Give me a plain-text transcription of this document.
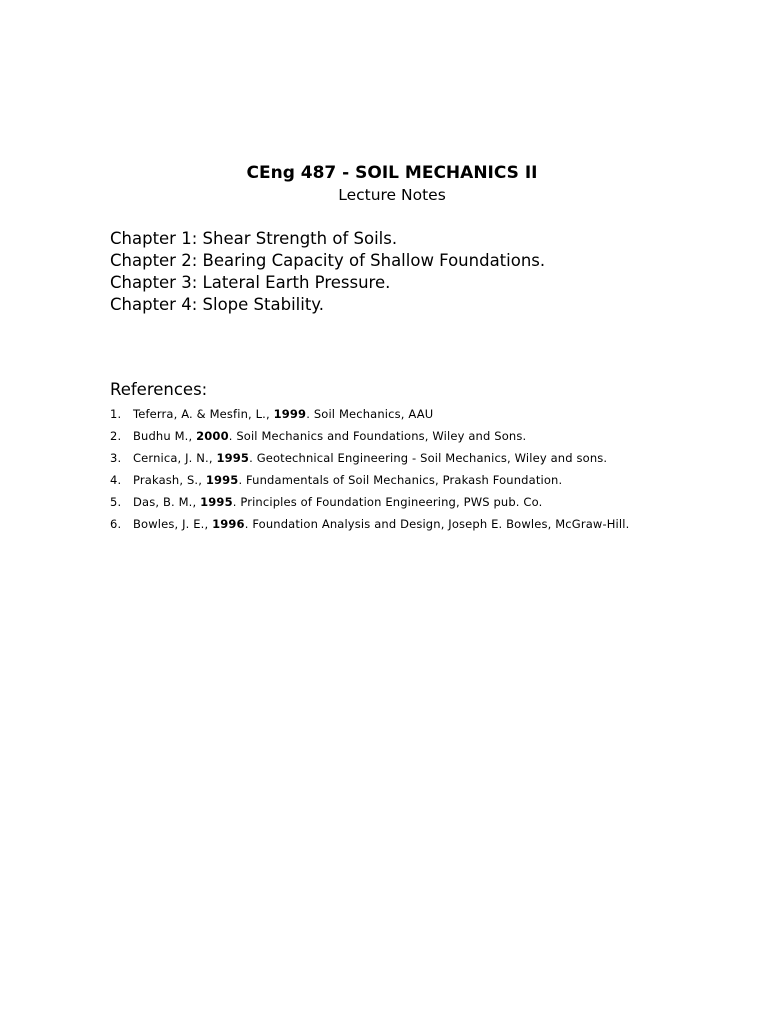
CEng 487 - SOIL MECHANICS II
Lecture Notes
Chapter 1: Shear Strength of Soils.
Chapter 2: Bearing Capacity of Shallow Foundations.
Chapter 3: Lateral Earth Pressure.
Chapter 4: Slope Stability.
References:
1. Teferra, A. & Mesfin, L., 1999. Soil Mechanics, AAU
2. Budhu M., 2000. Soil Mechanics and Foundations, Wiley and Sons.
3. Cernica, J. N., 1995. Geotechnical Engineering - Soil Mechanics, Wiley and sons.
4. Prakash, S., 1995. Fundamentals of Soil Mechanics, Prakash Foundation.
5. Das, B. M., 1995. Principles of Foundation Engineering, PWS pub. Co.
6. Bowles, J. E., 1996. Foundation Analysis and Design, Joseph E. Bowles, McGraw-Hill.
